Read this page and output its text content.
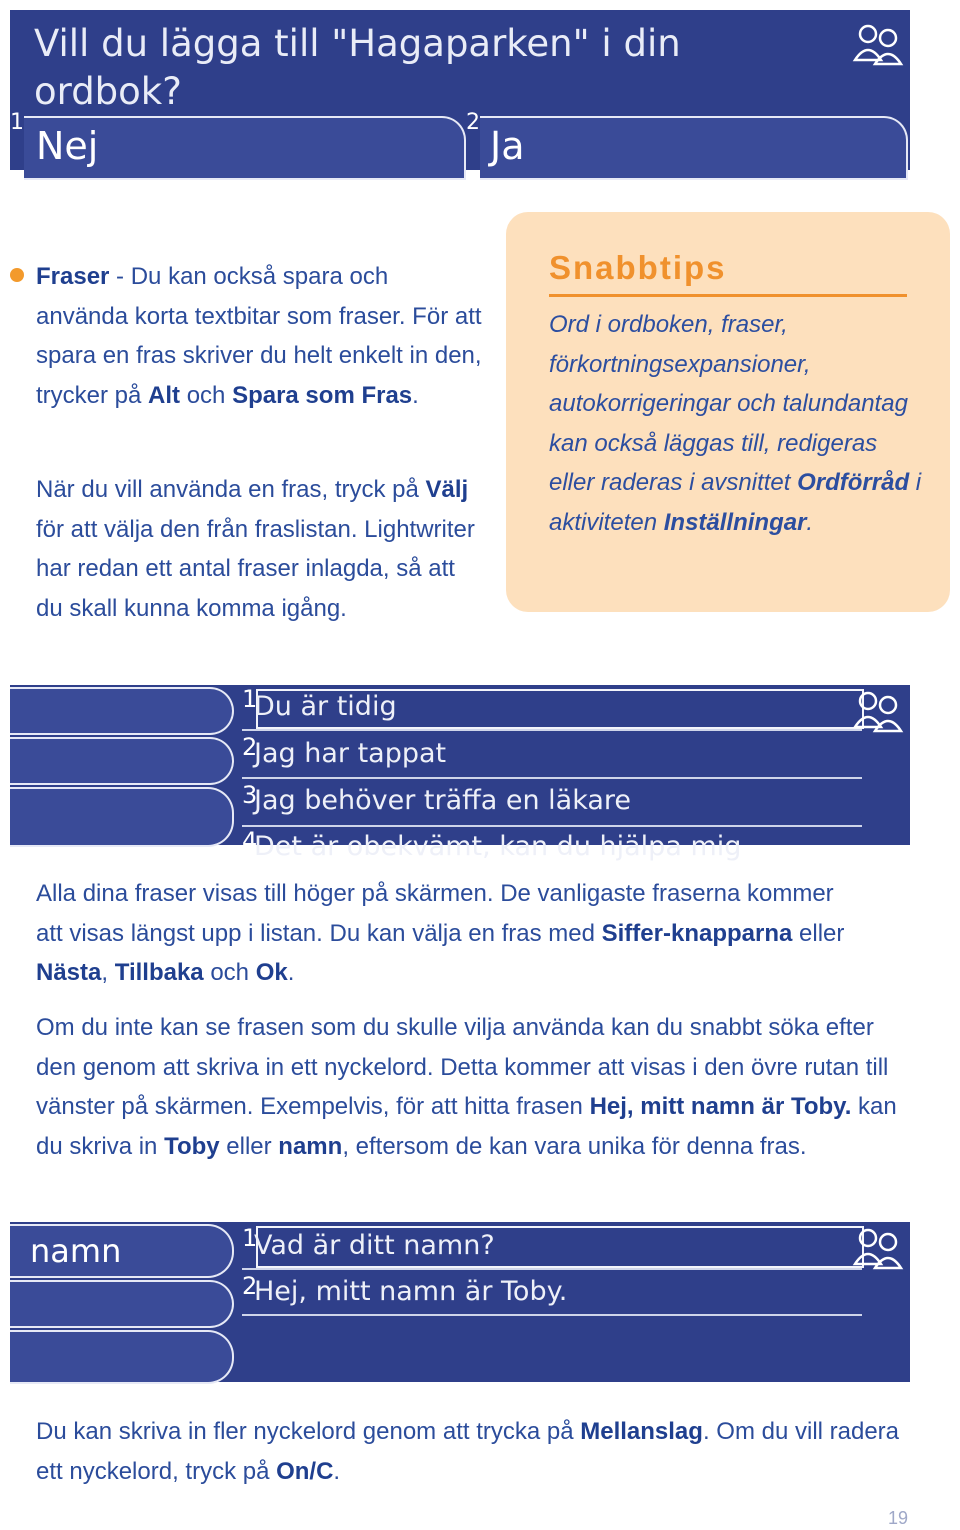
Vill du lägga till "Hagaparken" i din
ordbok?
1
Nej
2
Ja
Fraser - Du kan också spara och använda korta textbitar som fraser. För att spara en fras skriver du helt enkelt in den, trycker på Alt och Spara som Fras.
När du vill använda en fras, tryck på Välj för att välja den från fraslistan. Lightwriter har redan ett antal fraser inlagda, så att du skall kunna komma igång.
Snabbtips
Ord i ordboken, fraser, förkortningsexpansioner, autokorrigeringar och talundantag kan också läggas till, redigeras eller raderas i avsnittet Ordförråd i aktiviteten Inställningar.
1
Du är tidig
2
Jag har tappat
3
Jag behöver träffa en läkare
4
Det är obekvämt, kan du hjälpa mig
Alla dina fraser visas till höger på skärmen. De vanligaste fraserna kommer att visas längst upp i listan. Du kan välja en fras med Siffer-knapparna eller Nästa, Tillbaka och Ok.
Om du inte kan se frasen som du skulle vilja använda kan du snabbt söka efter den genom att skriva in ett nyckelord. Detta kommer att visas i den övre rutan till vänster på skärmen. Exempelvis, för att hitta frasen Hej, mitt namn är Toby. kan du skriva in Toby eller namn, eftersom de kan vara unika för denna fras.
namn	1
Vad är ditt namn?
2
Hej, mitt namn är Toby.
Du kan skriva in fler nyckelord genom att trycka på Mellanslag. Om du vill radera ett nyckelord, tryck på On/C.
19
